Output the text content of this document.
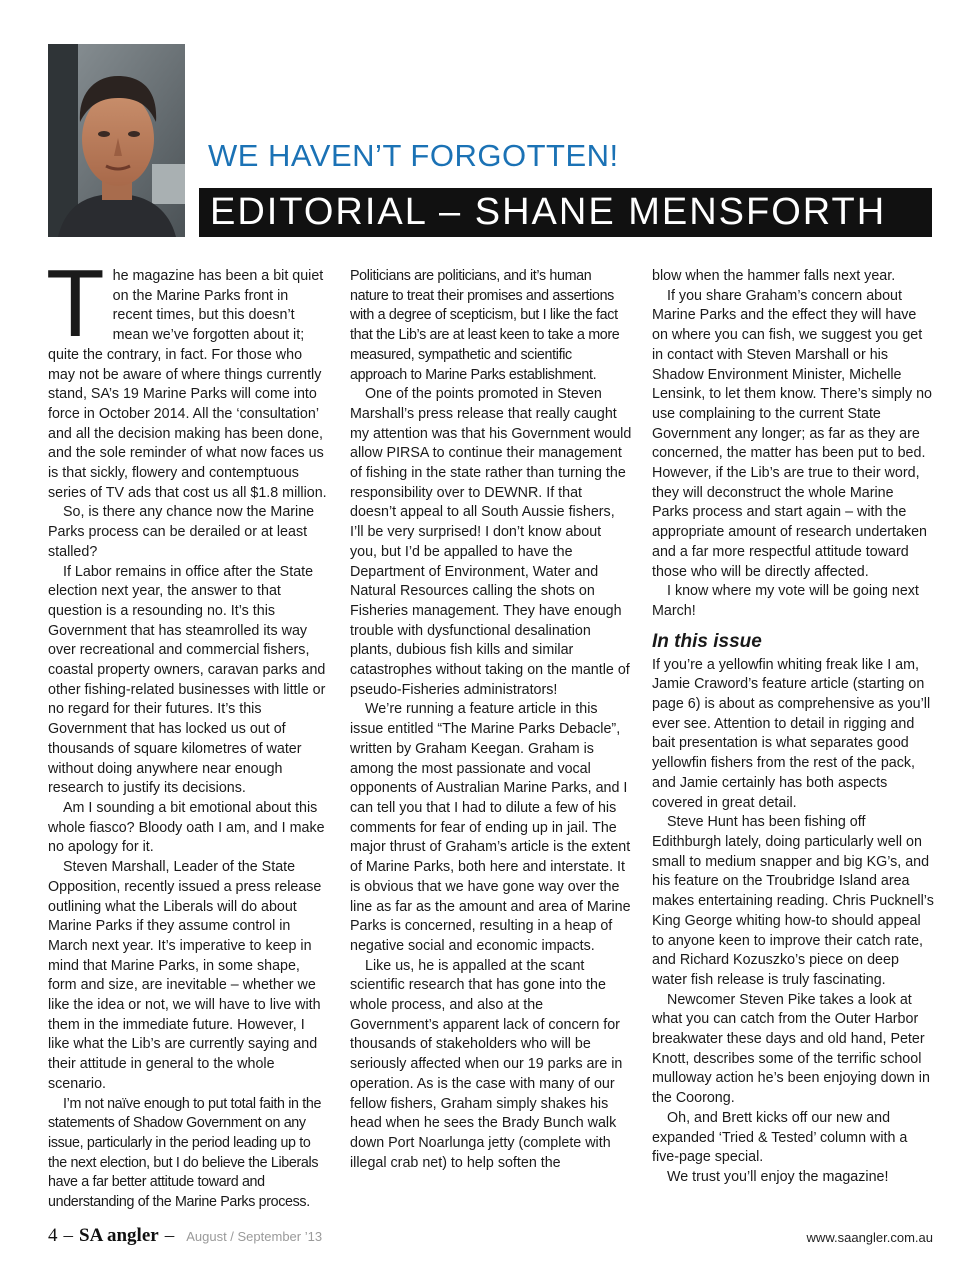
WE HAVEN’T FORGOTTEN!
EDITORIAL – SHANE MENSFORTH

The magazine has been a bit quiet on the Marine Parks front in recent times, but this doesn’t mean we’ve forgotten about it; quite the contrary, in fact. For those who may not be aware of where things currently stand, SA’s 19 Marine Parks will come into force in October 2014. All the ‘consultation’ and all the decision making has been done, and the sole reminder of what now faces us is that sickly, flowery and contemptuous series of TV ads that cost us all $1.8 million.

So, is there any chance now the Marine Parks process can be derailed or at least stalled?

If Labor remains in office after the State election next year, the answer to that question is a resounding no. It’s this Government that has steamrolled its way over recreational and commercial fishers, coastal property owners, caravan parks and other fishing-related businesses with little or no regard for their futures. It’s this Government that has locked us out of thousands of square kilometres of water without doing anywhere near enough research to justify its decisions.

Am I sounding a bit emotional about this whole fiasco? Bloody oath I am, and I make no apology for it.

Steven Marshall, Leader of the State Opposition, recently issued a press release outlining what the Liberals will do about Marine Parks if they assume control in March next year. It’s imperative to keep in mind that Marine Parks, in some shape, form and size, are inevitable – whether we like the idea or not, we will have to live with them in the immediate future. However, I like what the Lib’s are currently saying and their attitude in general to the whole scenario.

I’m not naïve enough to put total faith in the statements of Shadow Government on any issue, particularly in the period leading up to the next election, but I do believe the Liberals have a far better attitude toward and understanding of the Marine Parks process.

Politicians are politicians, and it’s human nature to treat their promises and assertions with a degree of scepticism, but I like the fact that the Lib’s are at least keen to take a more measured, sympathetic and scientific approach to Marine Parks establishment.

One of the points promoted in Steven Marshall’s press release that really caught my attention was that his Government would allow PIRSA to continue their management of fishing in the state rather than turning the responsibility over to DEWNR. If that doesn’t appeal to all South Aussie fishers, I’ll be very surprised! I don’t know about you, but I’d be appalled to have the Department of Environment, Water and Natural Resources calling the shots on Fisheries management. They have enough trouble with dysfunctional desalination plants, dubious fish kills and similar catastrophes without taking on the mantle of pseudo-Fisheries administrators!

We’re running a feature article in this issue entitled “The Marine Parks Debacle”, written by Graham Keegan. Graham is among the most passionate and vocal opponents of Australian Marine Parks, and I can tell you that I had to dilute a few of his comments for fear of ending up in jail. The major thrust of Graham’s article is the extent of Marine Parks, both here and interstate. It is obvious that we have gone way over the line as far as the amount and area of Marine Parks is concerned, resulting in a heap of negative social and economic impacts.

Like us, he is appalled at the scant scientific research that has gone into the whole process, and also at the Government’s apparent lack of concern for thousands of stakeholders who will be seriously affected when our 19 parks are in operation. As is the case with many of our fellow fishers, Graham simply shakes his head when he sees the Brady Bunch walk down Port Noarlunga jetty (complete with illegal crab net) to help soften the

blow when the hammer falls next year.

If you share Graham’s concern about Marine Parks and the effect they will have on where you can fish, we suggest you get in contact with Steven Marshall or his Shadow Environment Minister, Michelle Lensink, to let them know. There’s simply no use complaining to the current State Government any longer; as far as they are concerned, the matter has been put to bed. However, if the Lib’s are true to their word, they will deconstruct the whole Marine Parks process and start again – with the appropriate amount of research undertaken and a far more respectful attitude toward those who will be directly affected.

I know where my vote will be going next March!

In this issue

If you’re a yellowfin whiting freak like I am, Jamie Craword’s feature article (starting on page 6) is about as comprehensive as you’ll ever see. Attention to detail in rigging and bait presentation is what separates good yellowfin fishers from the rest of the pack, and Jamie certainly has both aspects covered in great detail.

Steve Hunt has been fishing off Edithburgh lately, doing particularly well on small to medium snapper and big KG’s, and his feature on the Troubridge Island area makes entertaining reading. Chris Pucknell’s King George whiting how-to should appeal to anyone keen to improve their catch rate, and Richard Kozuszko’s piece on deep water fish release is truly fascinating.

Newcomer Steven Pike takes a look at what you can catch from the Outer Harbor breakwater these days and old hand, Peter Knott, describes some of the terrific school mulloway action he’s been enjoying down in the Coorong.

Oh, and Brett kicks off our new and expanded ‘Tried & Tested’ column with a five-page special.

We trust you’ll enjoy the magazine!

4 – SA angler – August / September ’13	www.saangler.com.au
